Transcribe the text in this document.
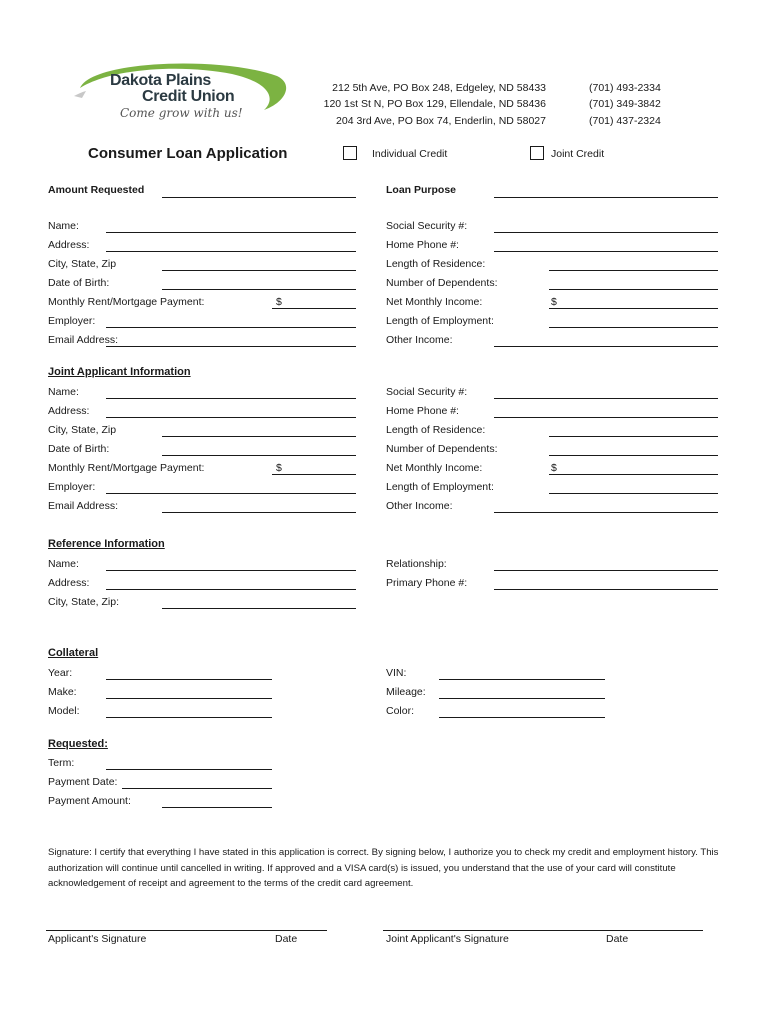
Dakota Plains
Credit Union
Come grow with us!
212 5th Ave, PO Box 248, Edgeley, ND 58433
120 1st St N, PO Box 129, Ellendale, ND 58436
204 3rd Ave, PO Box 74, Enderlin, ND 58027
(701) 493-2334
(701) 349-3842
(701) 437-2324
Consumer Loan Application	Individual Credit	Joint Credit
Amount Requested	Loan Purpose
Name:
Address:
City, State, Zip
Date of Birth:
Monthly Rent/Mortgage Payment:	$
Employer:
Email Address:
Social Security #:
Home Phone #:
Length of Residence:
Number of Dependents:
Net Monthly Income:	$
Length of Employment:
Other Income:
Joint Applicant Information
Name:
Address:
City, State, Zip
Date of Birth:
Monthly Rent/Mortgage Payment:	$
Employer:
Email Address:
Social Security #:
Home Phone #:
Length of Residence:
Number of Dependents:
Net Monthly Income:	$
Length of Employment:
Other Income:
Reference Information
Name:
Address:
City, State, Zip:
Relationship:
Primary Phone #:
Collateral
Year:
Make:
Model:
VIN:
Mileage:
Color:
Requested:
Term:
Payment Date:
Payment Amount:
Signature: I certify that everything I have stated in this application is correct. By signing below, I authorize you to check my credit and employment history. This authorization will continue until cancelled in writing. If approved and a VISA card(s) is issued, you understand that the use of your card will constitute acknowledgement of receipt and agreement to the terms of the credit card agreement.
Applicant's Signature	Date	Joint Applicant's Signature	Date
